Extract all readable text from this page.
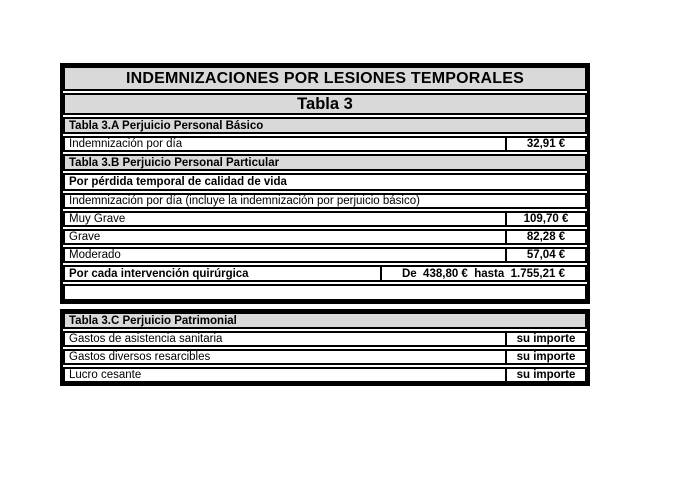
INDEMNIZACIONES POR LESIONES TEMPORALES
Tabla 3
Tabla 3.A Perjuicio Personal Básico
Indemnización por día	32,91 €
Tabla 3.B Perjuicio Personal Particular
Por pérdida temporal de calidad de vida
Indemnización por día (incluye la indemnización por perjuicio básico)
Muy Grave	109,70 €
Grave	82,28 €
Moderado	57,04 €
Por cada intervención quirúrgica	De  438,80 €  hasta  1.755,21 €
Tabla 3.C Perjuicio Patrimonial
Gastos de asistencia sanitaria	su importe
Gastos diversos resarcibles	su importe
Lucro cesante	su importe
